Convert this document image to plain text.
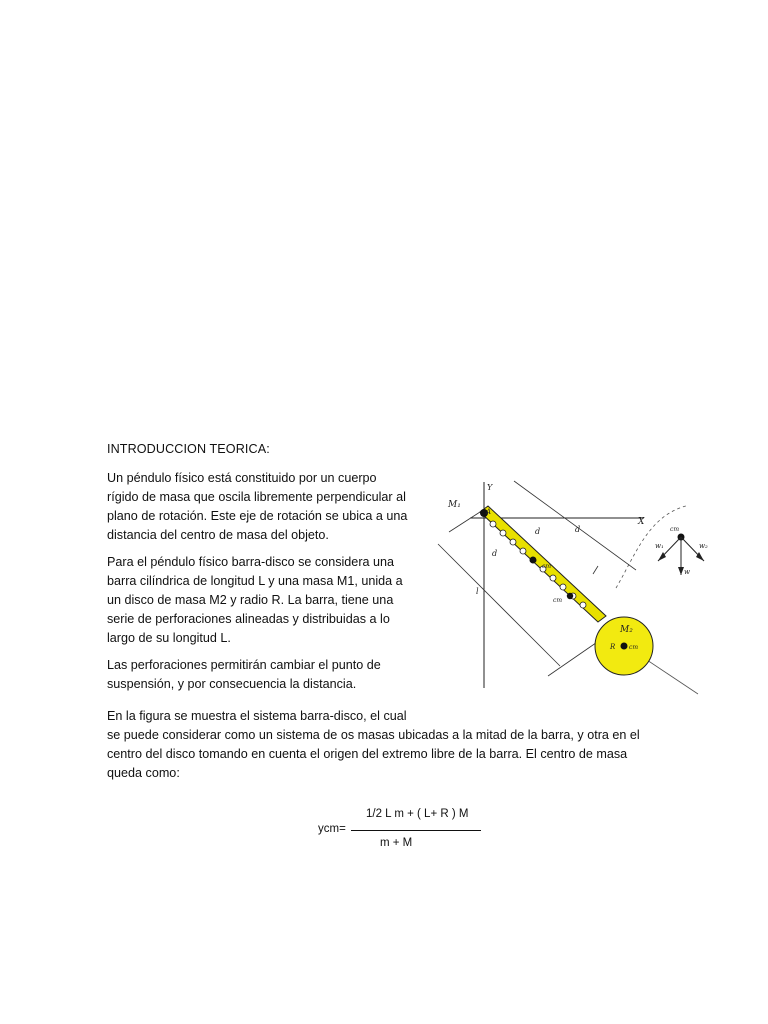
INTRODUCCION TEORICA:

Un péndulo físico está constituido por un cuerpo
rígido de masa que oscila libremente perpendicular al
plano de rotación. Este eje de rotación se ubica a una
distancia del centro de masa del objeto.

Para el péndulo físico barra-disco se considera una
barra cilíndrica de longitud L y una masa M1, unida a
un disco de masa M2 y radio R. La barra, tiene una
serie de perforaciones alineadas y distribuidas a lo
largo de su longitud L.

Las perforaciones permitirán cambiar el punto de
suspensión, y por consecuencia la distancia.

Y
X
M₁
A
d	d
d
cm
cm
l
M₂
R cm
cm
w₁	w₂
w

En la figura se muestra el sistema barra-disco, el cual
se puede considerar como un sistema de os masas ubicadas a la mitad de la barra, y otra en el
centro del disco tomando en cuenta el origen del extremo libre de la barra. El centro de masa
queda como:

ycm=
1/2 L m + ( L+ R ) M
m + M
